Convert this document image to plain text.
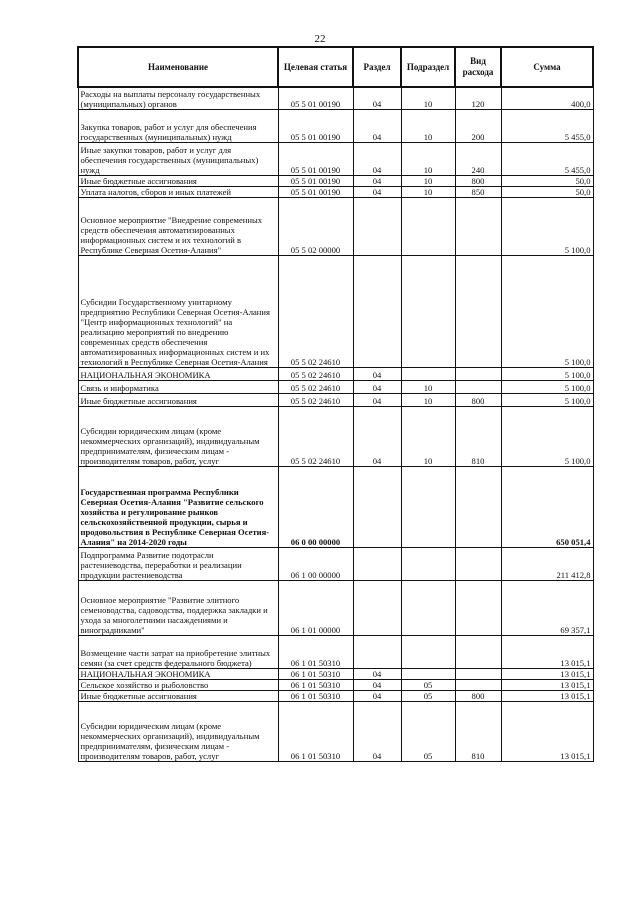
22
Наименование	Целевая статья	Раздел	Подраздел	Вид расхода	Сумма
Расходы на выплаты персоналу государственных (муниципальных) органов	05 5 01 00190	04	10	120	400,0
Закупка товаров, работ и услуг для обеспечения государственных (муниципальных) нужд	05 5 01 00190	04	10	200	5 455,0
Иные закупки товаров, работ и услуг для обеспечения государственных (муниципальных) нужд	05 5 01 00190	04	10	240	5 455,0
Иные бюджетные ассигнования	05 5 01 00190	04	10	800	50,0
Уплата налогов, сборов и иных платежей	05 5 01 00190	04	10	850	50,0
Основное мероприятие "Внедрение современных средств обеспечения автоматизированных информационных систем и их технологий в Республике Северная Осетия-Алания"	05 5 02 00000				5 100,0
Субсидии Государственному унитарному предприятию Республики Северная Осетия-Алания "Центр информационных технологий" на реализацию мероприятий по внедрению современных средств обеспечения автоматизированных информационных систем и их технологий в Республике Северная Осетия-Алания	05 5 02 24610				5 100,0
НАЦИОНАЛЬНАЯ ЭКОНОМИКА	05 5 02 24610	04			5 100,0
Связь и информатика	05 5 02 24610	04	10		5 100,0
Иные бюджетные ассигнования	05 5 02 24610	04	10	800	5 100,0
Субсидии юридическим лицам (кроме некоммерческих организаций), индивидуальным предпринимателям, физическим лицам - производителям товаров, работ, услуг	05 5 02 24610	04	10	810	5 100,0
Государственная программа Республики Северная Осетия-Алания "Развитие сельского хозяйства и регулирование рынков сельскохозяйственной продукции, сырья и продовольствия в Республике Северная Осетия-Алания" на 2014-2020 годы	06 0 00 00000				650 051,4
Подпрограмма Развитие подотрасли растениеводства, переработки и реализации продукции растениеводства	06 1 00 00000				211 412,8
Основное мероприятие "Развитие элитного семеноводства, садоводства, поддержка закладки и ухода за многолетними насаждениями и виноградниками"	06 1 01 00000				69 357,1
Возмещение части затрат на приобретение элитных семян (за счет средств федерального бюджета)	06 1 01 50310				13 015,1
НАЦИОНАЛЬНАЯ ЭКОНОМИКА	06 1 01 50310	04			13 015,1
Сельское хозяйство и рыболовство	06 1 01 50310	04	05		13 015,1
Иные бюджетные ассигнования	06 1 01 50310	04	05	800	13 015,1
Субсидии юридическим лицам (кроме некоммерческих организаций), индивидуальным предпринимателям, физическим лицам - производителям товаров, работ, услуг	06 1 01 50310	04	05	810	13 015,1
